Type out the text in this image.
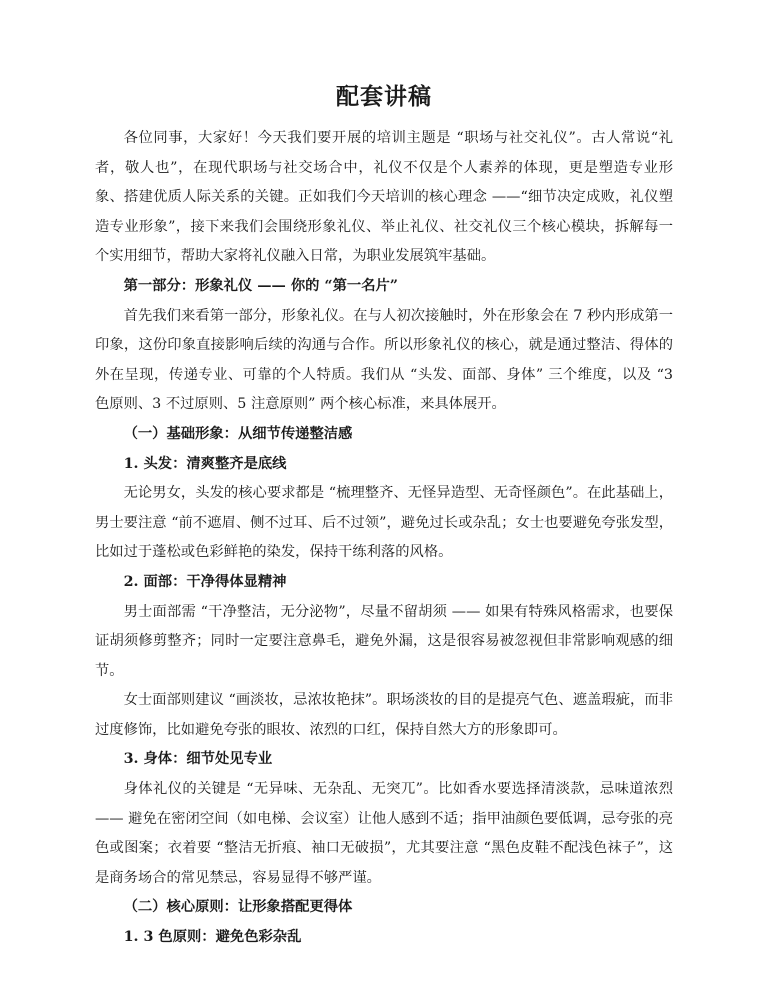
配套讲稿

各位同事，大家好！今天我们要开展的培训主题是 “职场与社交礼仪”。古人常说“礼者，敬人也”，在现代职场与社交场合中，礼仪不仅是个人素养的体现，更是塑造专业形象、搭建优质人际关系的关键。正如我们今天培训的核心理念 ——“细节决定成败，礼仪塑造专业形象”，接下来我们会围绕形象礼仪、举止礼仪、社交礼仪三个核心模块，拆解每一个实用细节，帮助大家将礼仪融入日常，为职业发展筑牢基础。

第一部分：形象礼仪 —— 你的 “第一名片”

首先我们来看第一部分，形象礼仪。在与人初次接触时，外在形象会在 7 秒内形成第一印象，这份印象直接影响后续的沟通与合作。所以形象礼仪的核心，就是通过整洁、得体的外在呈现，传递专业、可靠的个人特质。我们从 “头发、面部、身体” 三个维度，以及 “3 色原则、3 不过原则、5 注意原则” 两个核心标准，来具体展开。

（一）基础形象：从细节传递整洁感

1. 头发：清爽整齐是底线

无论男女，头发的核心要求都是 “梳理整齐、无怪异造型、无奇怪颜色”。在此基础上，男士要注意 “前不遮眉、侧不过耳、后不过领”，避免过长或杂乱；女士也要避免夸张发型，比如过于蓬松或色彩鲜艳的染发，保持干练利落的风格。

2. 面部：干净得体显精神

男士面部需 “干净整洁，无分泌物”，尽量不留胡须 —— 如果有特殊风格需求，也要保证胡须修剪整齐；同时一定要注意鼻毛，避免外漏，这是很容易被忽视但非常影响观感的细节。

女士面部则建议 “画淡妆，忌浓妆艳抹”。职场淡妆的目的是提亮气色、遮盖瑕疵，而非过度修饰，比如避免夸张的眼妆、浓烈的口红，保持自然大方的形象即可。

3. 身体：细节处见专业

身体礼仪的关键是 “无异味、无杂乱、无突兀”。比如香水要选择清淡款，忌味道浓烈 —— 避免在密闭空间（如电梯、会议室）让他人感到不适；指甲油颜色要低调，忌夸张的亮色或图案；衣着要 “整洁无折痕、袖口无破损”，尤其要注意 “黑色皮鞋不配浅色袜子”，这是商务场合的常见禁忌，容易显得不够严谨。

（二）核心原则：让形象搭配更得体

1. 3 色原则：避免色彩杂乱
